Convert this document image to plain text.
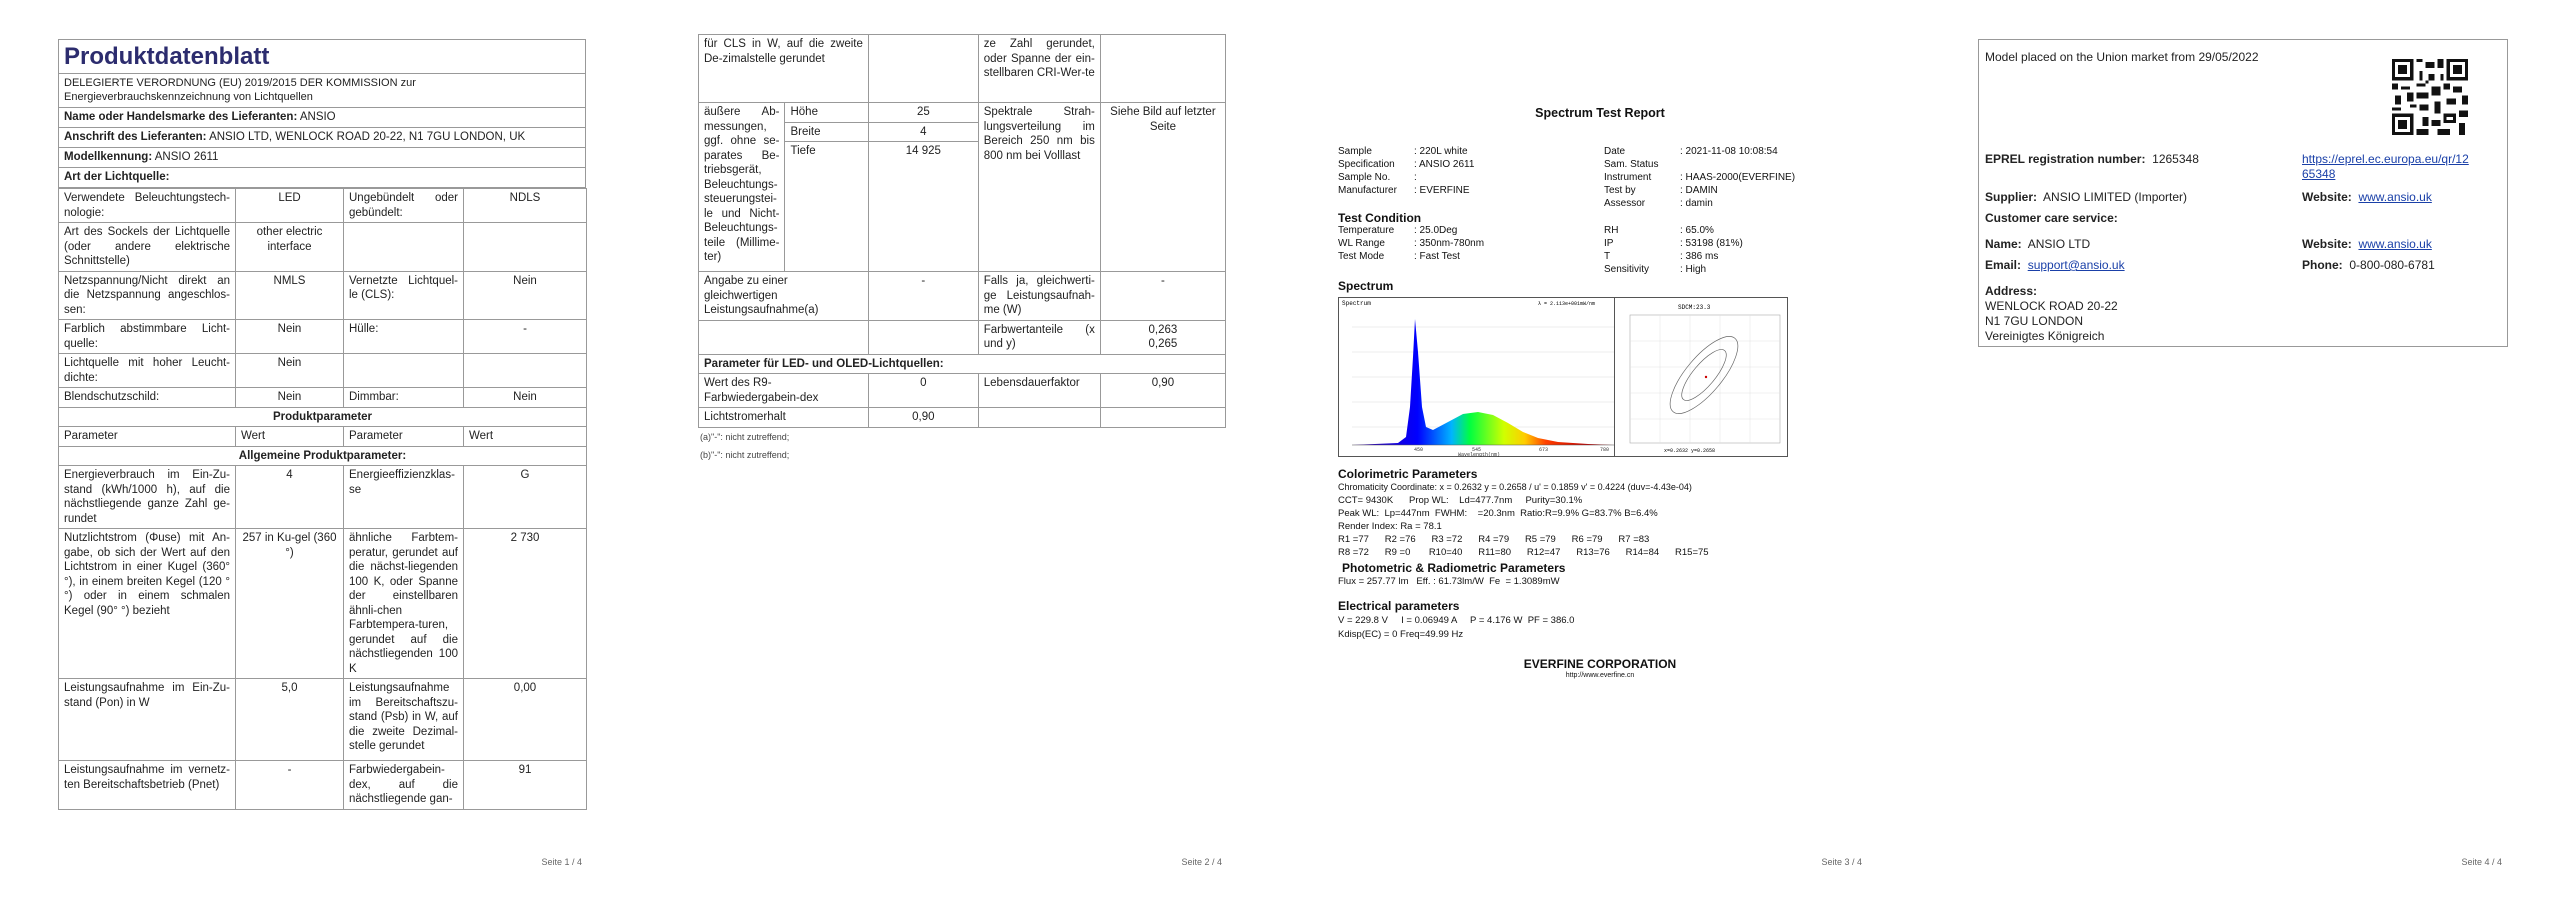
Produktdatenblatt
DELEGIERTE VERORDNUNG (EU) 2019/2015 DER KOMMISSION zur Energieverbrauchskennzeichnung von Lichtquellen
Name oder Handelsmarke des Lieferanten: ANSIO
Anschrift des Lieferanten: ANSIO LTD, WENLOCK ROAD 20-22, N1 7GU LONDON, UK
Modellkennung: ANSIO 2611
Art der Lichtquelle:
Verwendete Beleuchtungstech-nologie:	LED	Ungebündelt oder gebündelt:	NDLS
Art des Sockels der Lichtquelle (oder andere elektrische Schnittstelle)	other electric interface		
Netzspannung/Nicht direkt an die Netzspannung angeschlos-sen:	NMLS	Vernetzte Lichtquel-le (CLS):	Nein
Farblich abstimmbare Licht-quelle:	Nein	Hülle:	-
Lichtquelle mit hoher Leucht-dichte:	Nein		
Blendschutzschild:	Nein	Dimmbar:	Nein
Produktparameter			
Parameter	Wert	Parameter	Wert
Allgemeine Produktparameter:			
Energieverbrauch im Ein-Zu-stand (kWh/1000 h), auf die nächstliegende ganze Zahl ge-rundet	4	Energieeffizienzklas-se	G
Nutzlichtstrom (Φuse) mit An-gabe, ob sich der Wert auf den Lichtstrom in einer Kugel (360° °), in einem breiten Kegel (120 °°) oder in einem schmalen Kegel (90° °) bezieht	257 in Ku-gel (360 °)	ähnliche Farbtem-peratur, gerundet auf die nächst-liegenden 100 K, oder Spanne der einstellbaren ähnli-chen Farbtempera-turen, gerundet auf die nächstliegenden 100 K	2 730
Leistungsaufnahme im Ein-Zu-stand (Pon) in W	5,0	Leistungsaufnahme im Bereitschaftszu-stand (Psb) in W, auf die zweite Dezimal-stelle gerundet	0,00
Leistungsaufnahme im vernetz-ten Bereitschaftsbetrieb (Pnet)	-	Farbwiedergabein-dex, auf die nächstliegende gan-	91
Seite 1 / 4
für CLS in W, auf die zweite De-zimalstelle gerundet			ze Zahl gerundet, oder Spanne der ein-stellbaren CRI-Wer-te	
äußere Ab-messungen, ggf. ohne se-parates Be-triebsgerät, Beleuchtungs-steuerungstei-le und Nicht-Beleuchtungs-teile (Millime-ter)	Höhe	25	Spektrale Strah-lungsverteilung im Bereich 250 nm bis 800 nm bei Volllast	Siehe Bild auf letzter Seite
	Breite	4		
	Tiefe	14 925		
Angabe zu einer gleichwertigen Leistungsaufnahme(a)		-	Falls ja, gleichwerti-ge Leistungsaufnah-me (W)	-
			Farbwertanteile (x und y)	0,263
0,265
Parameter für LED- und OLED-Lichtquellen:				
Wert des R9-Farbwiedergabein-dex		0	Lebensdauerfaktor	0,90
Lichtstromerhalt		0,90		
(a)"-": nicht zutreffend;
(b)"-": nicht zutreffend;
Seite 2 / 4
Spectrum Test Report
Sample	: 220L white
Specification : ANSIO 2611
Sample No. :
Manufacturer : EVERFINE
Date	: 2021-11-08 10:08:54
Sam. Status
Instrument	: HAAS-2000(EVERFINE)
Test by	: DAMIN
Assessor	: damin
Test Condition
Temperature : 25.0Deg
WL Range	: 350nm-780nm
Test Mode	: Fast Test
RH	: 65.0%
IP	: 53198 (81%)
T	: 386 ms
Sensitivity	: High
Spectrum
Spectrum	λ = 2.113e+001mW/nm
450	545	673	780
Wavelength(nm)
SDCM:23.3
x=0.2632 y=0.2658
Colorimetric Parameters
Chromaticity Coordinate: x = 0.2632 y = 0.2658 / u' = 0.1859 v' = 0.4224 (duv=-4.43e-04)
CCT= 9430K      Prop WL:    Ld=477.7nm     Purity=30.1%
Peak WL:  Lp=447nm  FWHM:    =20.3nm  Ratio:R=9.9% G=83.7% B=6.4%
Render Index: Ra = 78.1
R1 =77      R2 =76      R3 =72      R4 =79      R5 =79      R6 =79      R7 =83
R8 =72      R9 =0       R10=40      R11=80      R12=47      R13=76      R14=84      R15=75
Photometric & Radiometric Parameters
Flux = 257.77 lm   Eff. : 61.73lm/W  Fe  = 1.3089mW
Electrical parameters
V = 229.8 V     I = 0.06949 A     P = 4.176 W  PF = 386.0
Kdisp(EC) = 0 Freq=49.99 Hz
EVERFINE CORPORATION
http://www.everfine.cn
Seite 3 / 4
Model placed on the Union market from 29/05/2022
EPREL registration number: 1265348	https://eprel.ec.europa.eu/qr/12
65348
Supplier: ANSIO LIMITED (Importer)	Website: www.ansio.uk
Customer care service:
Name: ANSIO LTD	Website: www.ansio.uk
Email: support@ansio.uk	Phone: 0-800-080-6781
Address:
WENLOCK ROAD 20-22
N1 7GU LONDON
Vereinigtes Königreich
Seite 4 / 4
